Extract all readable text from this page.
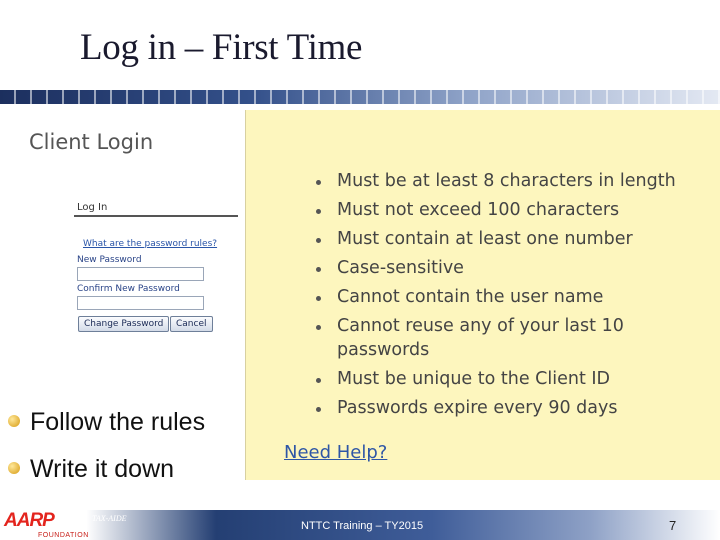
Log in – First Time
Client Login
Log In
What are the password rules?
New Password
Confirm New Password
Change Password	Cancel
Must be at least 8 characters in length
Must not exceed 100 characters
Must contain at least one number
Case-sensitive
Cannot contain the user name
Cannot reuse any of your last 10 passwords
Must be unique to the Client ID
Passwords expire every 90 days
Need Help?
Follow the rules
Write it down
AARP
FOUNDATION
TAX-AIDE
NTTC Training – TY2015	7
